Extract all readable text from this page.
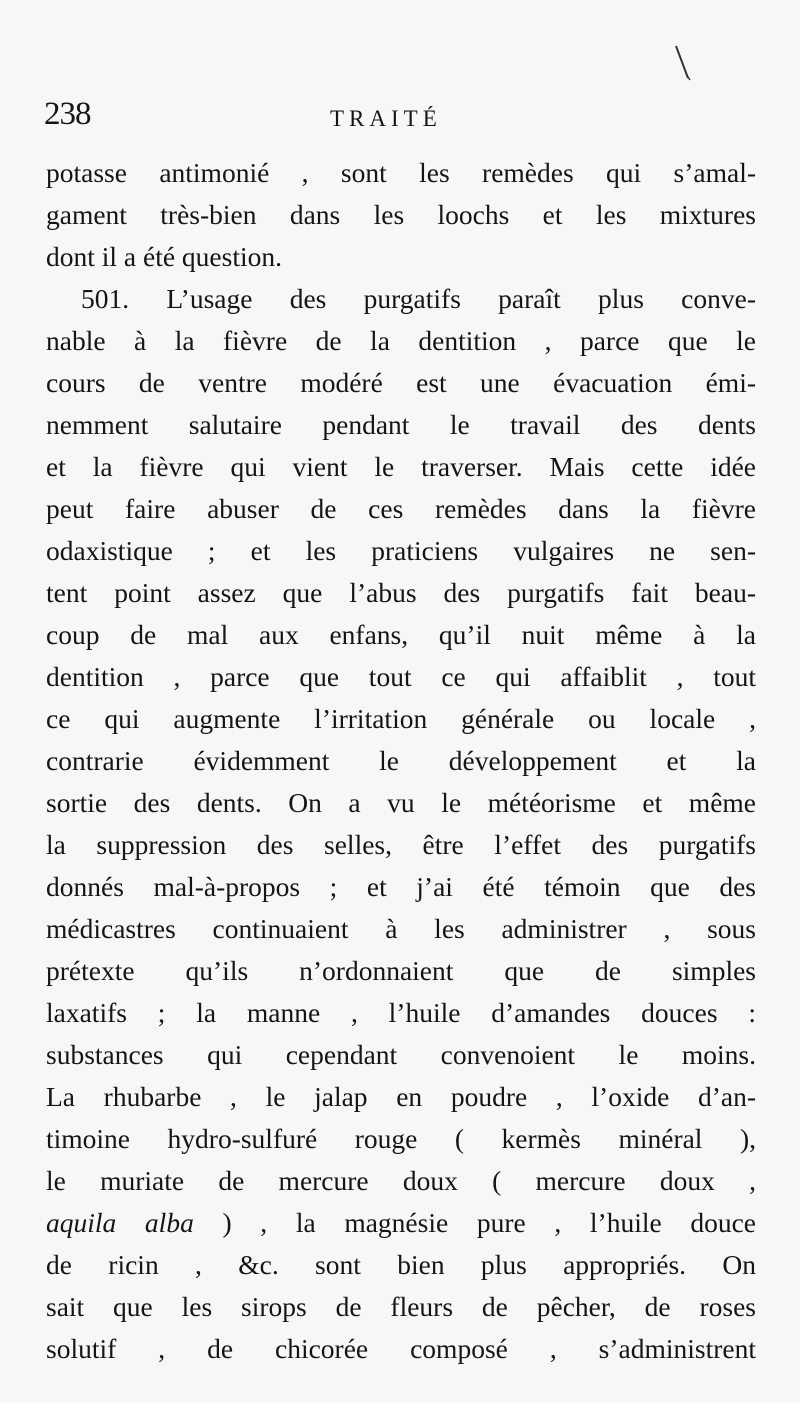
238	TRAITÉ
potasse antimonié , sont les remèdes qui s’amal-
gament très-bien dans les loochs et les mixtures
dont il a été question.
501. L’usage des purgatifs paraît plus conve-
nable à la fièvre de la dentition , parce que le
cours de ventre modéré est une évacuation émi-
nemment salutaire pendant le travail des dents
et la fièvre qui vient le traverser. Mais cette idée
peut faire abuser de ces remèdes dans la fièvre
odaxistique ; et les praticiens vulgaires ne sen-
tent point assez que l’abus des purgatifs fait beau-
coup de mal aux enfans, qu’il nuit même à la
dentition , parce que tout ce qui affaiblit , tout
ce qui augmente l’irritation générale ou locale ,
contrarie évidemment le développement et la
sortie des dents. On a vu le météorisme et même
la suppression des selles, être l’effet des purgatifs
donnés mal-à-propos ; et j’ai été témoin que des
médicastres continuaient à les administrer , sous
prétexte qu’ils n’ordonnaient que de simples
laxatifs ; la manne , l’huile d’amandes douces :
substances qui cependant convenoient le moins.
La rhubarbe , le jalap en poudre , l’oxide d’an-
timoine hydro-sulfuré rouge ( kermès minéral ),
le muriate de mercure doux ( mercure doux ,
aquila alba ) , la magnésie pure , l’huile douce
de ricin , &c. sont bien plus appropriés. On
sait que les sirops de fleurs de pêcher, de roses
solutif , de chicorée composé , s’administrent
